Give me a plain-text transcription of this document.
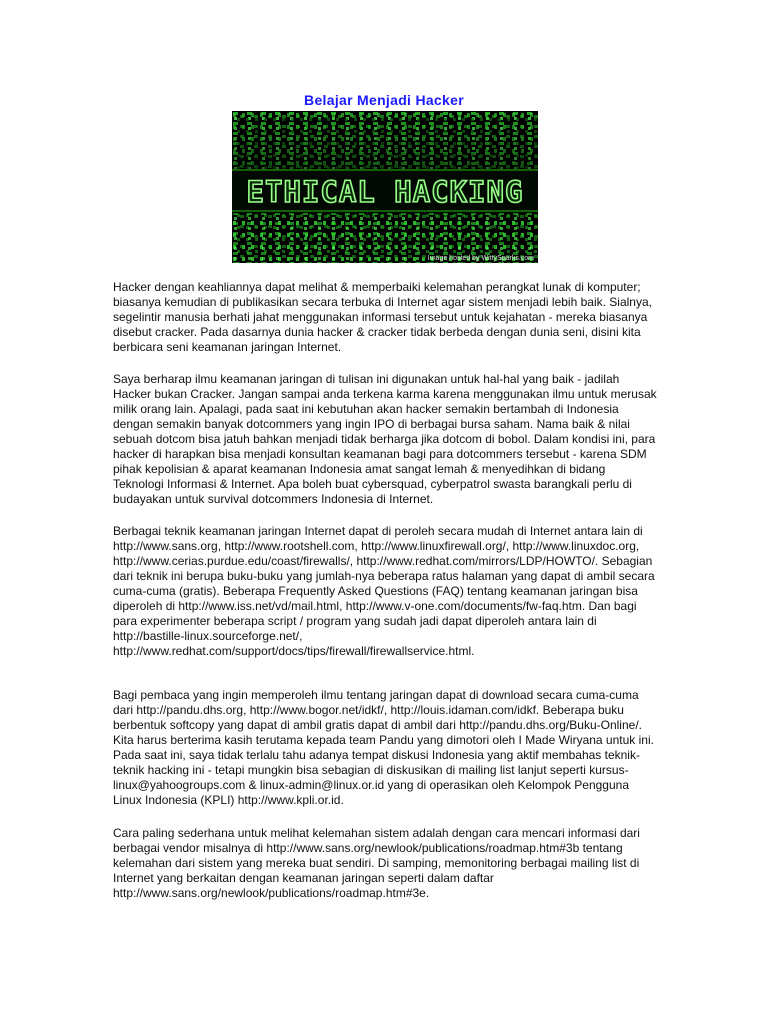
Belajar Menjadi Hacker
ETHICAL HACKING
Image hosted by WittySparks.com

Hacker dengan keahliannya dapat melihat & memperbaiki kelemahan perangkat lunak di komputer; biasanya kemudian di publikasikan secara terbuka di Internet agar sistem menjadi lebih baik. Sialnya, segelintir manusia berhati jahat menggunakan informasi tersebut untuk kejahatan - mereka biasanya disebut cracker. Pada dasarnya dunia hacker & cracker tidak berbeda dengan dunia seni, disini kita berbicara seni keamanan jaringan Internet.

Saya berharap ilmu keamanan jaringan di tulisan ini digunakan untuk hal-hal yang baik - jadilah Hacker bukan Cracker. Jangan sampai anda terkena karma karena menggunakan ilmu untuk merusak milik orang lain. Apalagi, pada saat ini kebutuhan akan hacker semakin bertambah di Indonesia dengan semakin banyak dotcommers yang ingin IPO di berbagai bursa saham. Nama baik & nilai sebuah dotcom bisa jatuh bahkan menjadi tidak berharga jika dotcom di bobol. Dalam kondisi ini, para hacker di harapkan bisa menjadi konsultan keamanan bagi para dotcommers tersebut - karena SDM pihak kepolisian & aparat keamanan Indonesia amat sangat lemah & menyedihkan di bidang Teknologi Informasi & Internet. Apa boleh buat cybersquad, cyberpatrol swasta barangkali perlu di budayakan untuk survival dotcommers Indonesia di Internet.

Berbagai teknik keamanan jaringan Internet dapat di peroleh secara mudah di Internet antara lain di http://www.sans.org, http://www.rootshell.com, http://www.linuxfirewall.org/, http://www.linuxdoc.org, http://www.cerias.purdue.edu/coast/firewalls/, http://www.redhat.com/mirrors/LDP/HOWTO/. Sebagian dari teknik ini berupa buku-buku yang jumlah-nya beberapa ratus halaman yang dapat di ambil secara cuma-cuma (gratis). Beberapa Frequently Asked Questions (FAQ) tentang keamanan jaringan bisa diperoleh di http://www.iss.net/vd/mail.html, http://www.v-one.com/documents/fw-faq.htm. Dan bagi para experimenter beberapa script / program yang sudah jadi dapat diperoleh antara lain di http://bastille-linux.sourceforge.net/, http://www.redhat.com/support/docs/tips/firewall/firewallservice.html.

Bagi pembaca yang ingin memperoleh ilmu tentang jaringan dapat di download secara cuma-cuma dari http://pandu.dhs.org, http://www.bogor.net/idkf/, http://louis.idaman.com/idkf. Beberapa buku berbentuk softcopy yang dapat di ambil gratis dapat di ambil dari http://pandu.dhs.org/Buku-Online/. Kita harus berterima kasih terutama kepada team Pandu yang dimotori oleh I Made Wiryana untuk ini. Pada saat ini, saya tidak terlalu tahu adanya tempat diskusi Indonesia yang aktif membahas teknik-teknik hacking ini - tetapi mungkin bisa sebagian di diskusikan di mailing list lanjut seperti kursus-linux@yahoogroups.com & linux-admin@linux.or.id yang di operasikan oleh Kelompok Pengguna Linux Indonesia (KPLI) http://www.kpli.or.id.

Cara paling sederhana untuk melihat kelemahan sistem adalah dengan cara mencari informasi dari berbagai vendor misalnya di http://www.sans.org/newlook/publications/roadmap.htm#3b tentang kelemahan dari sistem yang mereka buat sendiri. Di samping, memonitoring berbagai mailing list di Internet yang berkaitan dengan keamanan jaringan seperti dalam daftar http://www.sans.org/newlook/publications/roadmap.htm#3e.
